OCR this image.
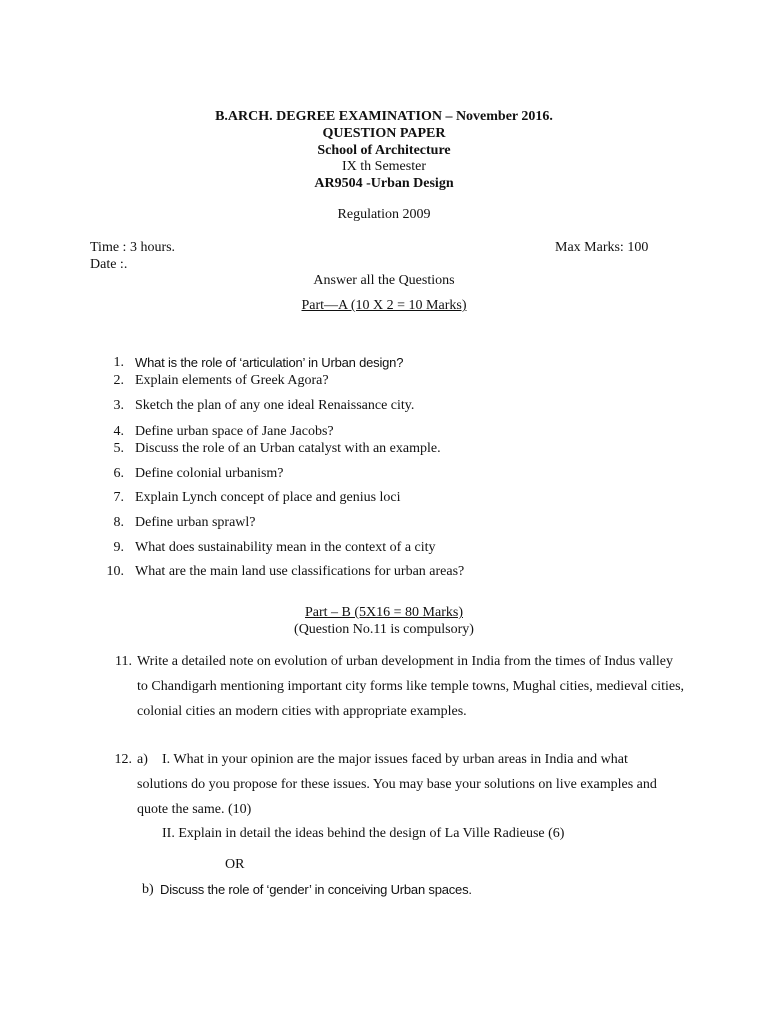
B.ARCH. DEGREE EXAMINATION – November 2016.
QUESTION PAPER
School of Architecture
IX th Semester
AR9504 -Urban Design
Regulation 2009
Time : 3 hours.	Max Marks: 100
Date :.
Answer all the Questions
Part—A (10 X 2 = 10 Marks)
1. What is the role of ‘articulation’ in Urban design?
2. Explain elements of Greek Agora?
3. Sketch the plan of any one ideal Renaissance city.
4. Define urban space of Jane Jacobs?
5. Discuss the role of an Urban catalyst with an example.
6. Define colonial urbanism?
7. Explain Lynch concept of place and genius loci
8. Define urban sprawl?
9. What does sustainability mean in the context of a city
10. What are the main land use classifications for urban areas?
Part – B (5X16 = 80 Marks)
(Question No.11 is compulsory)
11. Write a detailed note on evolution of urban development in India from the times of Indus valley
to Chandigarh mentioning important city forms like temple towns, Mughal cities, medieval cities,
colonial cities an modern cities with appropriate examples.
12. a) I. What in your opinion are the major issues faced by urban areas in India and what
solutions do you propose for these issues. You may base your solutions on live examples and
quote the same. (10)
II. Explain in detail the ideas behind the design of La Ville Radieuse (6)
OR
b) Discuss the role of ‘gender’ in conceiving Urban spaces.
